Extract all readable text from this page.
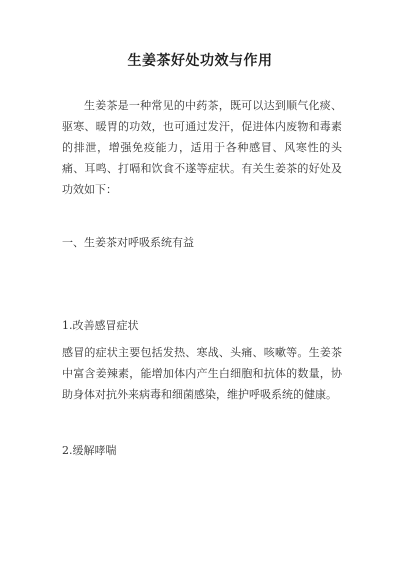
生姜茶好处功效与作用

生姜茶是一种常见的中药茶，既可以达到顺气化痰、驱寒、暖胃的功效，也可通过发汗，促进体内废物和毒素的排泄，增强免疫能力，适用于各种感冒、风寒性的头痛、耳鸣、打嗝和饮食不遂等症状。有关生姜茶的好处及功效如下：

一、生姜茶对呼吸系统有益

1.改善感冒症状

感冒的症状主要包括发热、寒战、头痛、咳嗽等。生姜茶中富含姜辣素，能增加体内产生白细胞和抗体的数量，协助身体对抗外来病毒和细菌感染，维护呼吸系统的健康。

2.缓解哮喘
